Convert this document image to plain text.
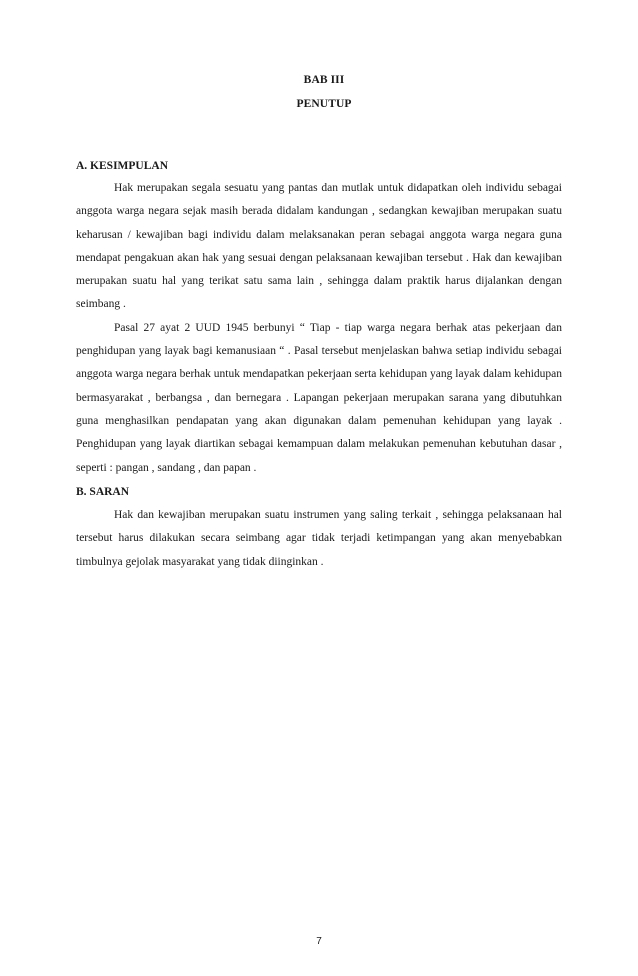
BAB III
PENUTUP
A. KESIMPULAN

Hak merupakan segala sesuatu yang pantas dan mutlak untuk didapatkan oleh individu sebagai anggota warga negara sejak masih berada didalam kandungan , sedangkan kewajiban merupakan suatu keharusan / kewajiban bagi individu dalam melaksanakan peran sebagai anggota warga negara guna mendapat pengakuan akan hak yang sesuai dengan pelaksanaan kewajiban tersebut . Hak dan kewajiban merupakan suatu hal yang terikat satu sama lain , sehingga dalam praktik harus dijalankan dengan seimbang .

Pasal 27 ayat 2 UUD 1945 berbunyi “ Tiap - tiap warga negara berhak atas pekerjaan dan penghidupan yang layak bagi kemanusiaan “ . Pasal tersebut menjelaskan bahwa setiap individu sebagai anggota warga negara berhak untuk mendapatkan pekerjaan serta kehidupan yang layak dalam kehidupan bermasyarakat , berbangsa , dan bernegara . Lapangan pekerjaan merupakan sarana yang dibutuhkan guna menghasilkan pendapatan yang akan digunakan dalam pemenuhan kehidupan yang layak . Penghidupan yang layak diartikan sebagai kemampuan dalam melakukan pemenuhan kebutuhan dasar , seperti : pangan , sandang , dan papan .

B. SARAN

Hak dan kewajiban merupakan suatu instrumen yang saling terkait , sehingga pelaksanaan hal tersebut harus dilakukan secara seimbang agar tidak terjadi ketimpangan yang akan menyebabkan timbulnya gejolak masyarakat yang tidak diinginkan .

7
